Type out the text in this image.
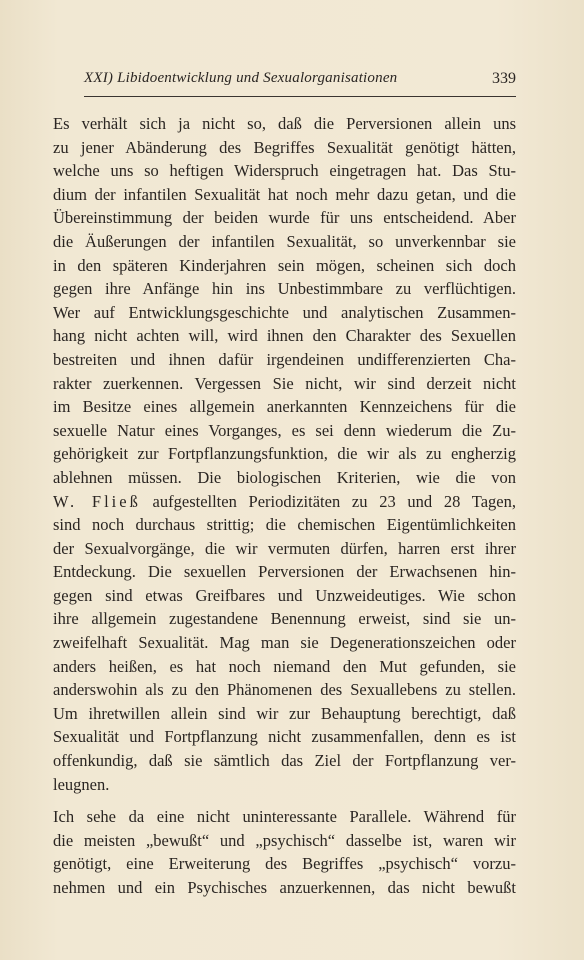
XXI) Libidoentwicklung und Sexualorganisationen	339
Es verhält sich ja nicht so, daß die Perversionen allein uns
zu jener Abänderung des Begriffes Sexualität genötigt hätten,
welche uns so heftigen Widerspruch eingetragen hat. Das Stu-
dium der infantilen Sexualität hat noch mehr dazu getan, und die
Übereinstimmung der beiden wurde für uns entscheidend. Aber
die Äußerungen der infantilen Sexualität, so unverkennbar sie
in den späteren Kinderjahren sein mögen, scheinen sich doch
gegen ihre Anfänge hin ins Unbestimmbare zu verflüchtigen.
Wer auf Entwicklungsgeschichte und analytischen Zusammen-
hang nicht achten will, wird ihnen den Charakter des Sexuellen
bestreiten und ihnen dafür irgendeinen undifferenzierten Cha-
rakter zuerkennen. Vergessen Sie nicht, wir sind derzeit nicht
im Besitze eines allgemein anerkannten Kennzeichens für die
sexuelle Natur eines Vorganges, es sei denn wiederum die Zu-
gehörigkeit zur Fortpflanzungsfunktion, die wir als zu engherzig
ablehnen müssen. Die biologischen Kriterien, wie die von
W. Fließ aufgestellten Periodizitäten zu 23 und 28 Tagen,
sind noch durchaus strittig; die chemischen Eigentümlichkeiten
der Sexualvorgänge, die wir vermuten dürfen, harren erst ihrer
Entdeckung. Die sexuellen Perversionen der Erwachsenen hin-
gegen sind etwas Greifbares und Unzweideutiges. Wie schon
ihre allgemein zugestandene Benennung erweist, sind sie un-
zweifelhaft Sexualität. Mag man sie Degenerationszeichen oder
anders heißen, es hat noch niemand den Mut gefunden, sie
anderswohin als zu den Phänomenen des Sexuallebens zu stellen.
Um ihretwillen allein sind wir zur Behauptung berechtigt, daß
Sexualität und Fortpflanzung nicht zusammenfallen, denn es ist
offenkundig, daß sie sämtlich das Ziel der Fortpflanzung ver-
leugnen.
Ich sehe da eine nicht uninteressante Parallele. Während für
die meisten „bewußt“ und „psychisch“ dasselbe ist, waren wir
genötigt, eine Erweiterung des Begriffes „psychisch“ vorzu-
nehmen und ein Psychisches anzuerkennen, das nicht bewußt
